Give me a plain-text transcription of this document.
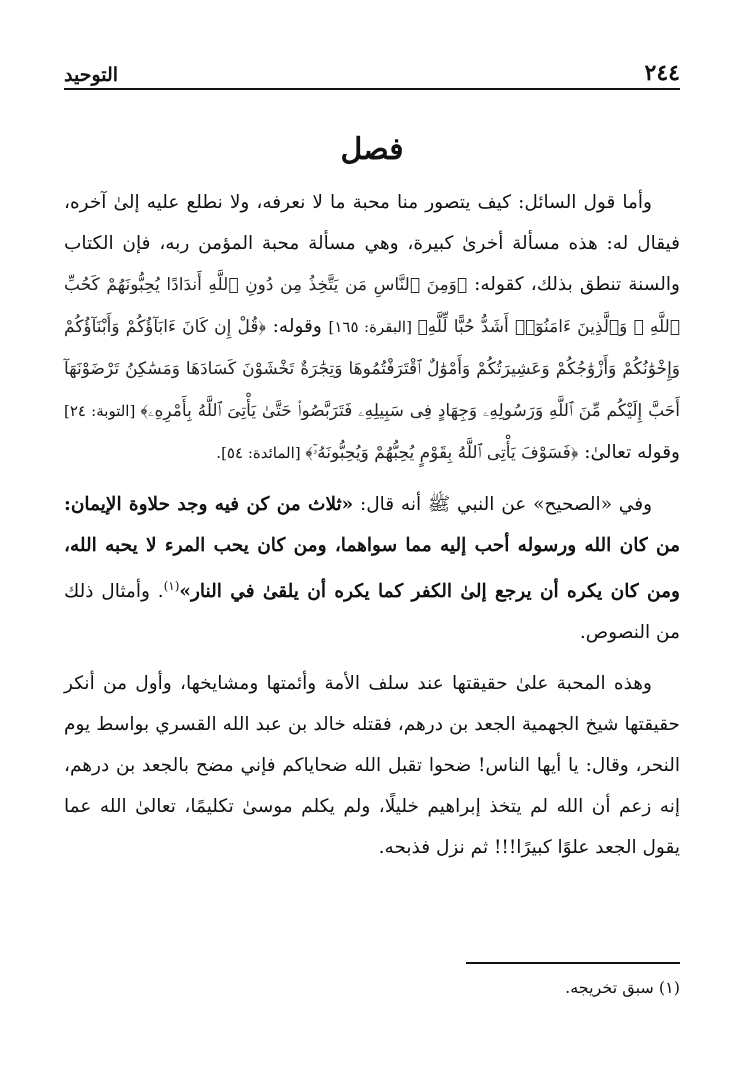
٢٤٤
التوحيد
فصل

وأما قول السائل: كيف يتصور منا محبة ما لا نعرفه، ولا نطلع عليه إلىٰ آخره، فيقال له: هذه مسألة أخرىٰ كبيرة، وهي مسألة محبة المؤمن ربه، فإن الكتاب والسنة تنطق بذلك، كقوله: ﴿وَمِنَ ٱلنَّاسِ مَن يَتَّخِذُ مِن دُونِ ٱللَّهِ أَندَادًا يُحِبُّونَهُمْ كَحُبِّ ٱللَّهِ ۖ وَٱلَّذِينَ ءَامَنُوٓا۟ أَشَدُّ حُبًّا لِّلَّهِ﴾ [البقرة: ١٦٥] وقوله: ﴿قُلْ إِن كَانَ ءَابَآؤُكُمْ وَأَبْنَآؤُكُمْ وَإِخْوَٰنُكُمْ وَأَزْوَٰجُكُمْ وَعَشِيرَتُكُمْ وَأَمْوَٰلٌ ٱقْتَرَفْتُمُوهَا وَتِجَٰرَةٌ تَخْشَوْنَ كَسَادَهَا وَمَسَٰكِنُ تَرْضَوْنَهَآ أَحَبَّ إِلَيْكُم مِّنَ ٱللَّهِ وَرَسُولِهِۦ وَجِهَادٍ فِى سَبِيلِهِۦ فَتَرَبَّصُوا۟ حَتَّىٰ يَأْتِىَ ٱللَّهُ بِأَمْرِهِۦ﴾ [التوبة: ٢٤] وقوله تعالىٰ: ﴿فَسَوْفَ يَأْتِى ٱللَّهُ بِقَوْمٍ يُحِبُّهُمْ وَيُحِبُّونَهُۥٓ﴾ [المائدة: ٥٤].

وفي «الصحيح» عن النبي ﷺ أنه قال: «ثلاث من كن فيه وجد حلاوة الإيمان: من كان الله ورسوله أحب إليه مما سواهما، ومن كان يحب المرء لا يحبه الله، ومن كان يكره أن يرجع إلىٰ الكفر كما يكره أن يلقىٰ في النار»$^{(١)}$. وأمثال ذلك من النصوص.

وهذه المحبة علىٰ حقيقتها عند سلف الأمة وأئمتها ومشايخها، وأول من أنكر حقيقتها شيخ الجهمية الجعد بن درهم، فقتله خالد بن عبد الله القسري بواسط يوم النحر، وقال: يا أيها الناس! ضحوا تقبل الله ضحاياكم فإني مضح بالجعد بن درهم، إنه زعم أن الله لم يتخذ إبراهيم خليلًا، ولم يكلم موسىٰ تكليمًا، تعالىٰ الله عما يقول الجعد علوًا كبيرًا!!! ثم نزل فذبحه.

(١) سبق تخريجه.
